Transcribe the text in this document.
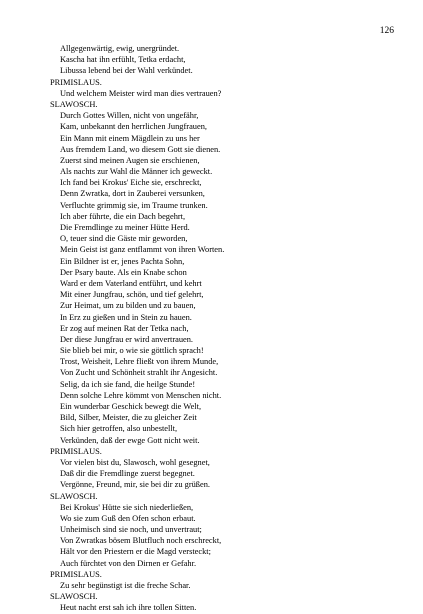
126

Allgegenwärtig, ewig, unergründet.
Kascha hat ihn erfühlt, Tetka erdacht,
Libussa lebend bei der Wahl verkündet.
PRIMISLAUS.
Und welchem Meister wird man dies vertrauen?
SLAWOSCH.
Durch Gottes Willen, nicht von ungefähr,
Kam, unbekannt den herrlichen Jungfrauen,
Ein Mann mit einem Mägdlein zu uns her
Aus fremdem Land, wo diesem Gott sie dienen.
Zuerst sind meinen Augen sie erschienen,
Als nachts zur Wahl die Männer ich geweckt.
Ich fand bei Krokus' Eiche sie, erschreckt,
Denn Zwratka, dort in Zauberei versunken,
Verfluchte grimmig sie, im Traume trunken.
Ich aber führte, die ein Dach begehrt,
Die Fremdlinge zu meiner Hütte Herd.
O, teuer sind die Gäste mir geworden,
Mein Geist ist ganz entflammt von ihren Worten.
Ein Bildner ist er, jenes Pachta Sohn,
Der Psary baute. Als ein Knabe schon
Ward er dem Vaterland entführt, und kehrt
Mit einer Jungfrau, schön, und tief gelehrt,
Zur Heimat, um zu bilden und zu bauen,
In Erz zu gießen und in Stein zu hauen.
Er zog auf meinen Rat der Tetka nach,
Der diese Jungfrau er wird anvertrauen.
Sie blieb bei mir, o wie sie göttlich sprach!
Trost, Weisheit, Lehre fließt von ihrem Munde,
Von Zucht und Schönheit strahlt ihr Angesicht.
Selig, da ich sie fand, die heilge Stunde!
Denn solche Lehre kömmt von Menschen nicht.
Ein wunderbar Geschick bewegt die Welt,
Bild, Silber, Meister, die zu gleicher Zeit
Sich hier getroffen, also unbestellt,
Verkünden, daß der ewge Gott nicht weit.
PRIMISLAUS.
Vor vielen bist du, Slawosch, wohl gesegnet,
Daß dir die Fremdlinge zuerst begegnet.
Vergönne, Freund, mir, sie bei dir zu grüßen.
SLAWOSCH.
Bei Krokus' Hütte sie sich niederließen,
Wo sie zum Guß den Ofen schon erbaut.
Unheimisch sind sie noch, und unvertraut;
Von Zwratkas bösem Blutfluch noch erschreckt,
Hält vor den Priestern er die Magd versteckt;
Auch fürchtet von den Dirnen er Gefahr.
PRIMISLAUS.
Zu sehr begünstigt ist die freche Schar.
SLAWOSCH.
Heut nacht erst sah ich ihre tollen Sitten.
